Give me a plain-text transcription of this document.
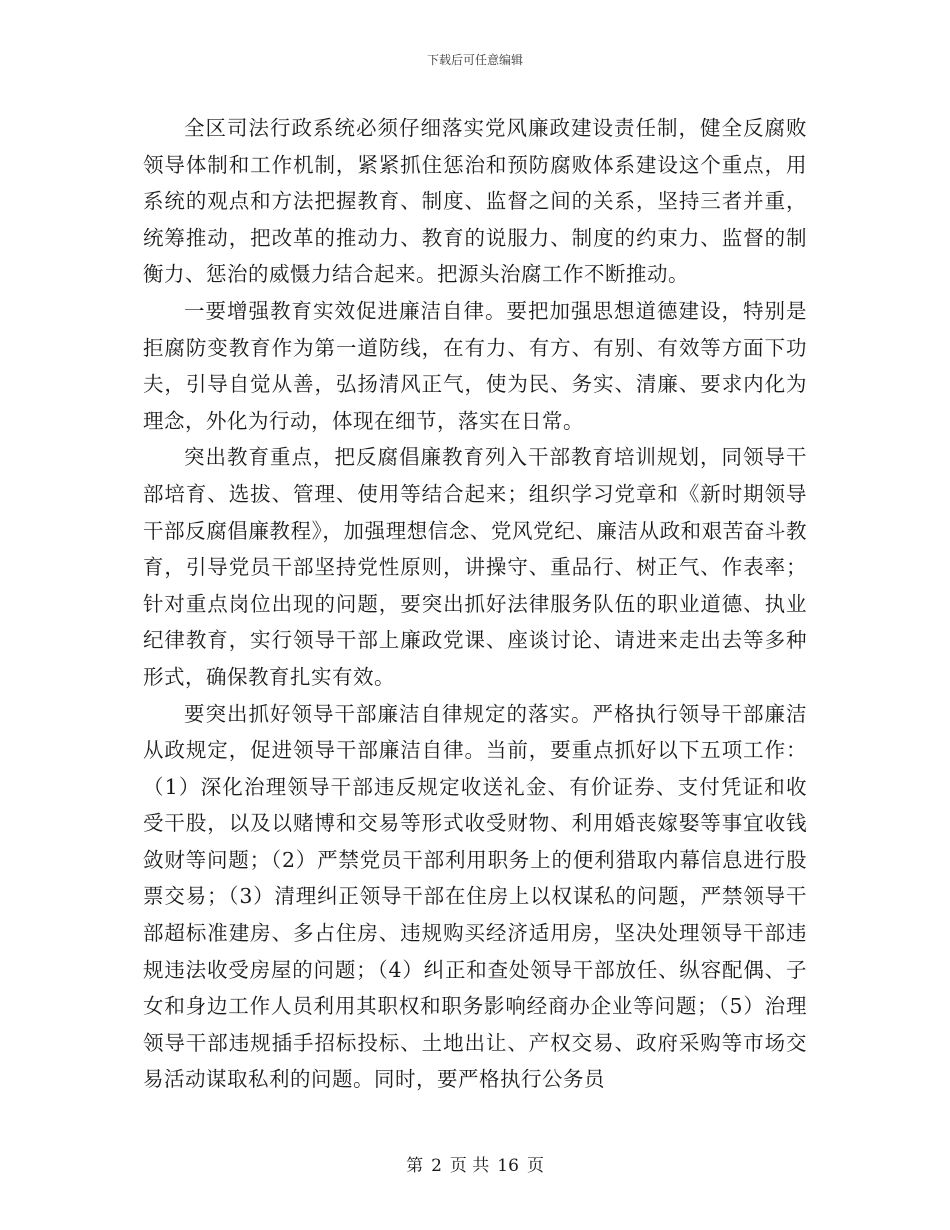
下载后可任意编辑

全区司法行政系统必须仔细落实党风廉政建设责任制，健全反腐败领导体制和工作机制，紧紧抓住惩治和预防腐败体系建设这个重点，用系统的观点和方法把握教育、制度、监督之间的关系，坚持三者并重，统筹推动，把改革的推动力、教育的说服力、制度的约束力、监督的制衡力、惩治的威慑力结合起来。把源头治腐工作不断推动。

一要增强教育实效促进廉洁自律。要把加强思想道德建设，特别是拒腐防变教育作为第一道防线，在有力、有方、有别、有效等方面下功夫，引导自觉从善，弘扬清风正气，使为民、务实、清廉、要求内化为理念，外化为行动，体现在细节，落实在日常。

突出教育重点，把反腐倡廉教育列入干部教育培训规划，同领导干部培育、选拔、管理、使用等结合起来；组织学习党章和《新时期领导干部反腐倡廉教程》，加强理想信念、党风党纪、廉洁从政和艰苦奋斗教育，引导党员干部坚持党性原则，讲操守、重品行、树正气、作表率；针对重点岗位出现的问题，要突出抓好法律服务队伍的职业道德、执业纪律教育，实行领导干部上廉政党课、座谈讨论、请进来走出去等多种形式，确保教育扎实有效。

要突出抓好领导干部廉洁自律规定的落实。严格执行领导干部廉洁从政规定，促进领导干部廉洁自律。当前，要重点抓好以下五项工作：（1）深化治理领导干部违反规定收送礼金、有价证券、支付凭证和收受干股，以及以赌博和交易等形式收受财物、利用婚丧嫁娶等事宜收钱敛财等问题；（2）严禁党员干部利用职务上的便利猎取内幕信息进行股票交易；（3）清理纠正领导干部在住房上以权谋私的问题，严禁领导干部超标准建房、多占住房、违规购买经济适用房，坚决处理领导干部违规违法收受房屋的问题；（4）纠正和查处领导干部放任、纵容配偶、子女和身边工作人员利用其职权和职务影响经商办企业等问题；（5）治理领导干部违规插手招标投标、土地出让、产权交易、政府采购等市场交易活动谋取私利的问题。同时，要严格执行公务员

第 2 页 共 16 页
